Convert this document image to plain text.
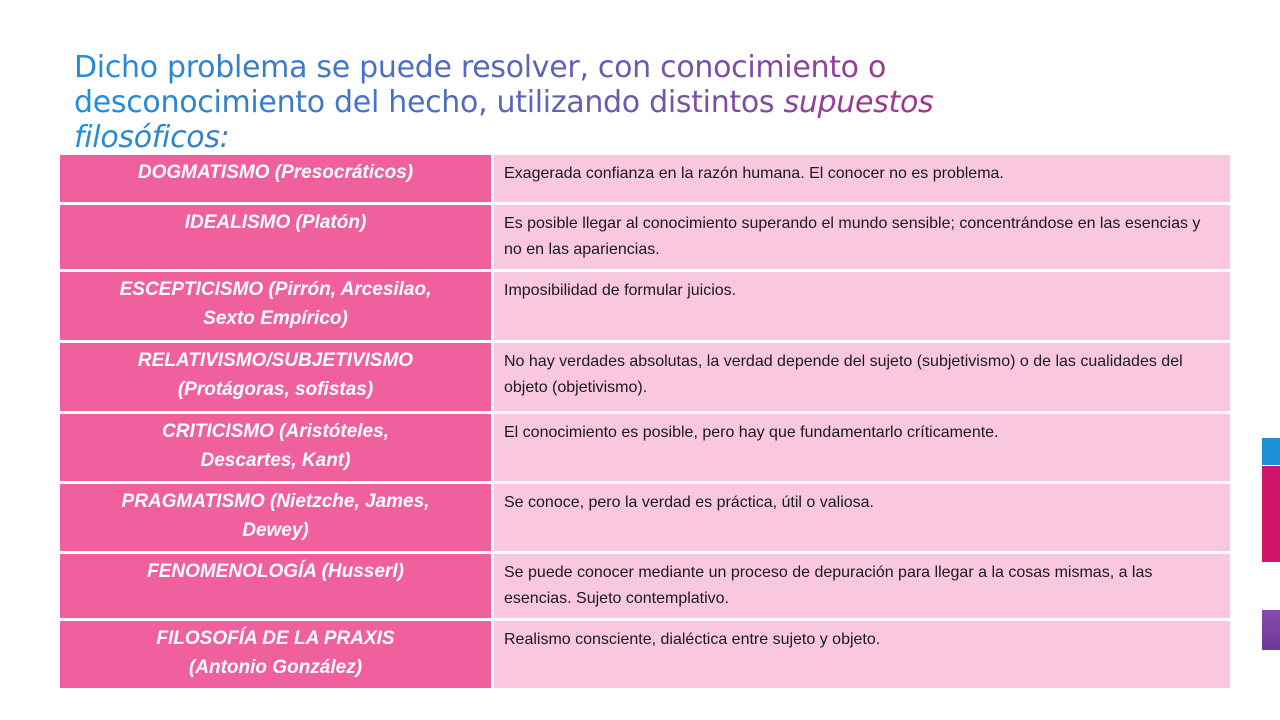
Dicho problema se puede resolver, con conocimiento o
desconocimiento del hecho, utilizando distintos supuestos filosóficos:
DOGMATISMO (Presocráticos)	Exagerada confianza en la razón humana. El conocer no es problema.
IDEALISMO (Platón)	Es posible llegar al conocimiento superando el mundo sensible; concentrándose en las esencias y no en las apariencias.
ESCEPTICISMO (Pirrón, Arcesilao,
Sexto Empírico)	Imposibilidad de formular juicios.
RELATIVISMO/SUBJETIVISMO
(Protágoras, sofistas)	No hay verdades absolutas, la verdad depende del sujeto (subjetivismo) o de las cualidades del objeto (objetivismo).
CRITICISMO (Aristóteles,
Descartes, Kant)	El conocimiento es posible, pero hay que fundamentarlo críticamente.
PRAGMATISMO (Nietzche, James,
Dewey)	Se conoce, pero la verdad es práctica, útil o valiosa.
FENOMENOLOGÍA (Husserl)	Se puede conocer mediante un proceso de depuración para llegar a la cosas mismas, a las esencias. Sujeto contemplativo.
FILOSOFÍA DE LA PRAXIS
(Antonio González)	Realismo consciente, dialéctica entre sujeto y objeto.
